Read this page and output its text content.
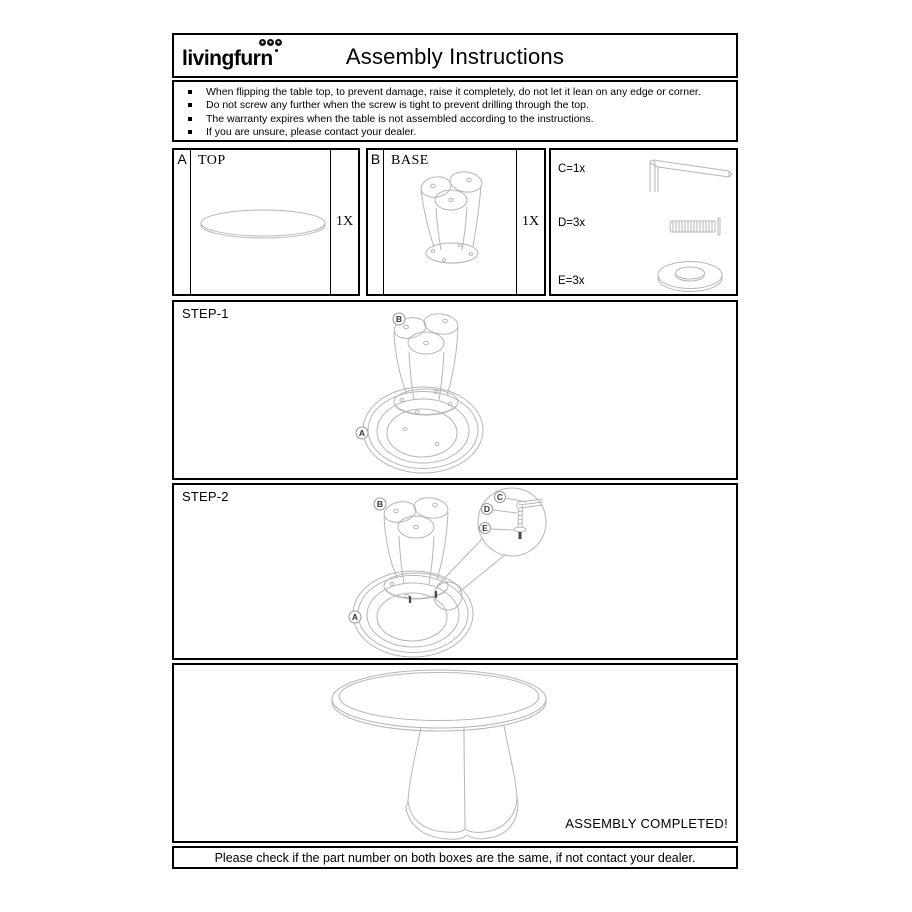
livingfurn	Assembly Instructions
When flipping the table top, to prevent damage, raise it completely, do not let it lean on any edge or corner.
Do not screw any further when the screw is tight to prevent drilling through the top.
The warranty expires when the table is not assembled according to the instructions.
If you are unsure, please contact your dealer.
A TOP
1X
B BASE
1X
C=1x
D=3x
E=3x
STEP-1	B
A
STEP-2	B
A
C
D
E
ASSEMBLY COMPLETED!
Please check if the part number on both boxes are the same, if not contact your dealer.
